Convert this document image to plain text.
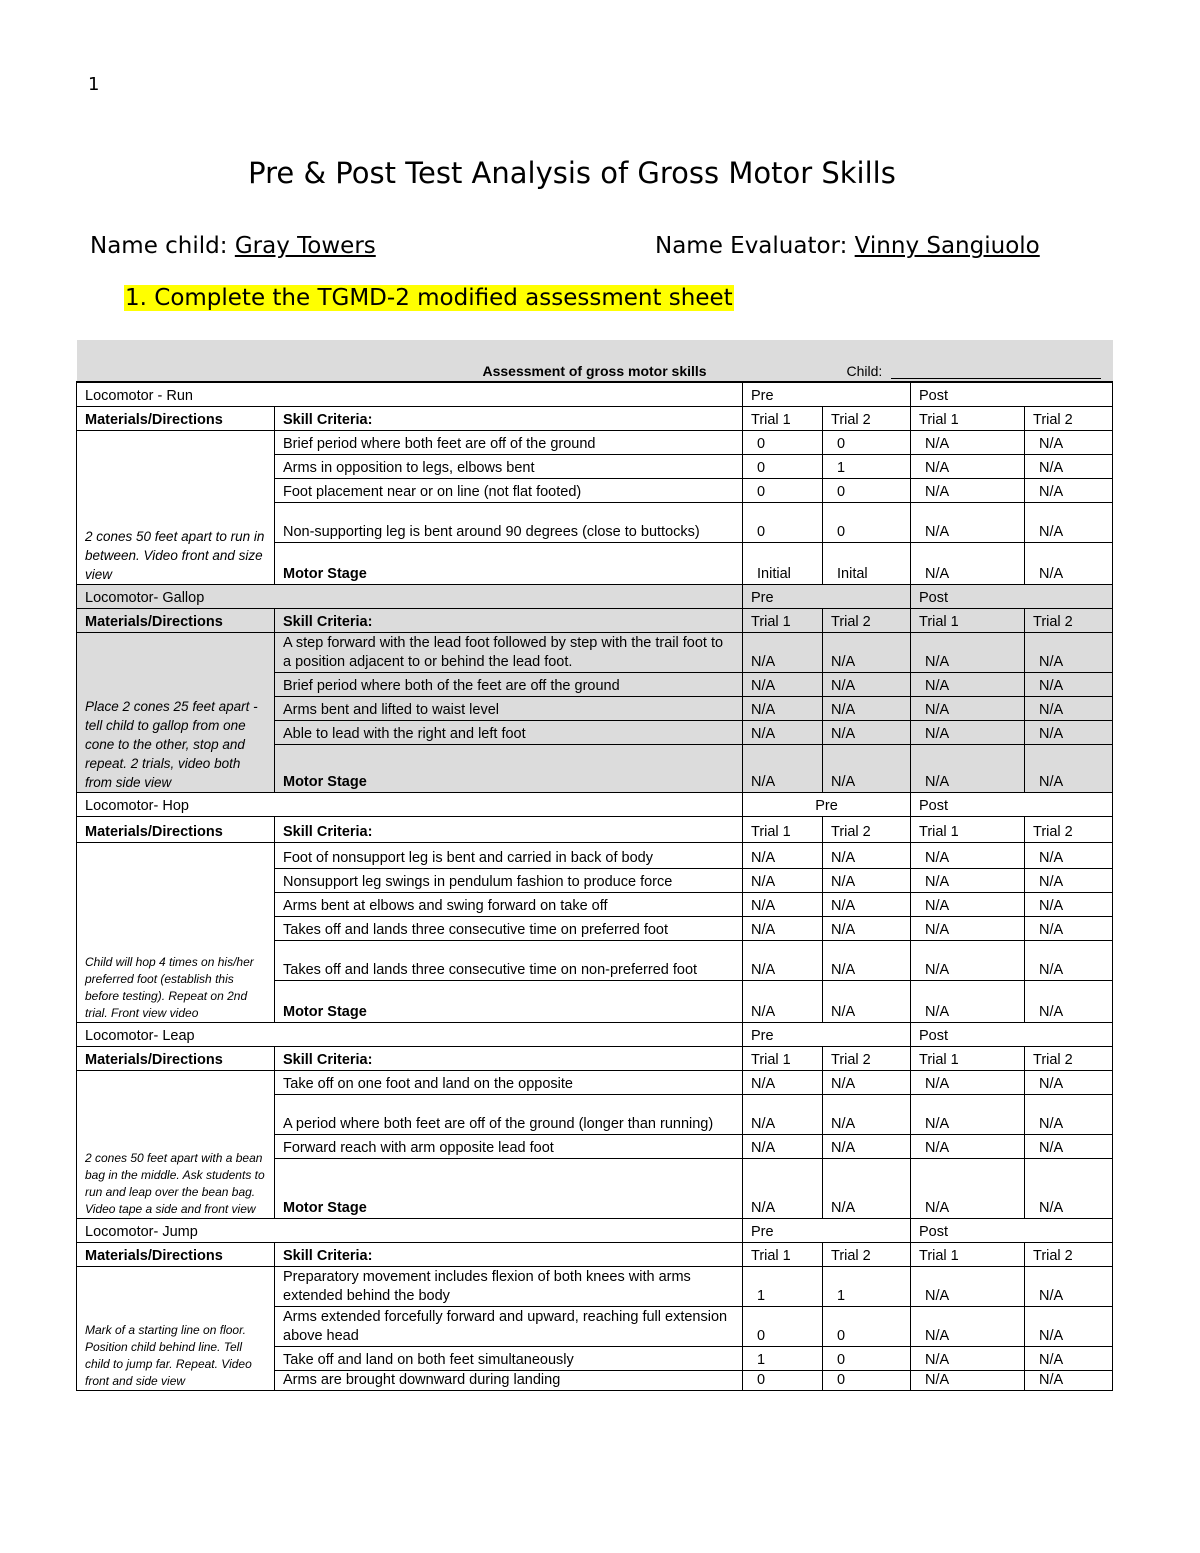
1
Pre & Post Test Analysis of Gross Motor Skills
Name child: Gray Towers	Name Evaluator: Vinny Sangiuolo
1. Complete the TGMD-2 modified assessment sheet
Assessment of gross motor skills Child:					

Locomotor - Run		Pre		Post	
Materials/Directions	Skill Criteria:	Trial 1	Trial 2	Trial 1	Trial 2
2 cones 50 feet apart to run in between. Video front and size view	Brief period where both feet are off of the ground	0	0	N/A	N/A
	Arms in opposition to legs, elbows bent	0	1	N/A	N/A
	Foot placement near or on line (not flat footed)	0	0	N/A	N/A
	Non-supporting leg is bent around 90 degrees (close to buttocks)	0	0	N/A	N/A
	Motor Stage	Initial	Inital	N/A	N/A
Locomotor- Gallop		Pre		Post	
Materials/Directions	Skill Criteria:	Trial 1	Trial 2	Trial 1	Trial 2
Place 2 cones 25 feet apart - tell child to gallop from one cone to the other, stop and repeat. 2 trials, video both from side view	A step forward with the lead foot followed by step with the trail foot to a position adjacent to or behind the lead foot.	N/A	N/A	N/A	N/A
	Brief period where both of the feet are off the ground	N/A	N/A	N/A	N/A
	Arms bent and lifted to waist level	N/A	N/A	N/A	N/A
	Able to lead with the right and left foot	N/A	N/A	N/A	N/A
	Motor Stage	N/A	N/A	N/A	N/A
Locomotor- Hop		Pre		Post	
Materials/Directions	Skill Criteria:	Trial 1	Trial 2	Trial 1	Trial 2
Child will hop 4 times on his/her preferred foot (establish this before testing). Repeat on 2nd trial. Front view video	Foot of nonsupport leg is bent and carried in back of body	N/A	N/A	N/A	N/A
	Nonsupport leg swings in pendulum fashion to produce force	N/A	N/A	N/A	N/A
	Arms bent at elbows and swing forward on take off	N/A	N/A	N/A	N/A
	Takes off and lands three consecutive time on preferred foot	N/A	N/A	N/A	N/A
	Takes off and lands three consecutive time on non-preferred foot	N/A	N/A	N/A	N/A
	Motor Stage	N/A	N/A	N/A	N/A
Locomotor- Leap		Pre		Post	
Materials/Directions	Skill Criteria:	Trial 1	Trial 2	Trial 1	Trial 2
2 cones 50 feet apart with a bean bag in the middle. Ask students to run and leap over the bean bag. Video tape a side and front view	Take off on one foot and land on the opposite	N/A	N/A	N/A	N/A
	A period where both feet are off of the ground (longer than running)	N/A	N/A	N/A	N/A
	Forward reach with arm opposite lead foot	N/A	N/A	N/A	N/A
	Motor Stage	N/A	N/A	N/A	N/A
Locomotor- Jump		Pre		Post	
Materials/Directions	Skill Criteria:	Trial 1	Trial 2	Trial 1	Trial 2
Mark of a starting line on floor. Position child behind line. Tell child to jump far. Repeat. Video front and side view	Preparatory movement includes flexion of both knees with arms extended behind the body	1	1	N/A	N/A
	Arms extended forcefully forward and upward, reaching full extension above head	0	0	N/A	N/A
	Take off and land on both feet simultaneously	1	0	N/A	N/A
	Arms are brought downward during landing	0	0	N/A	N/A
